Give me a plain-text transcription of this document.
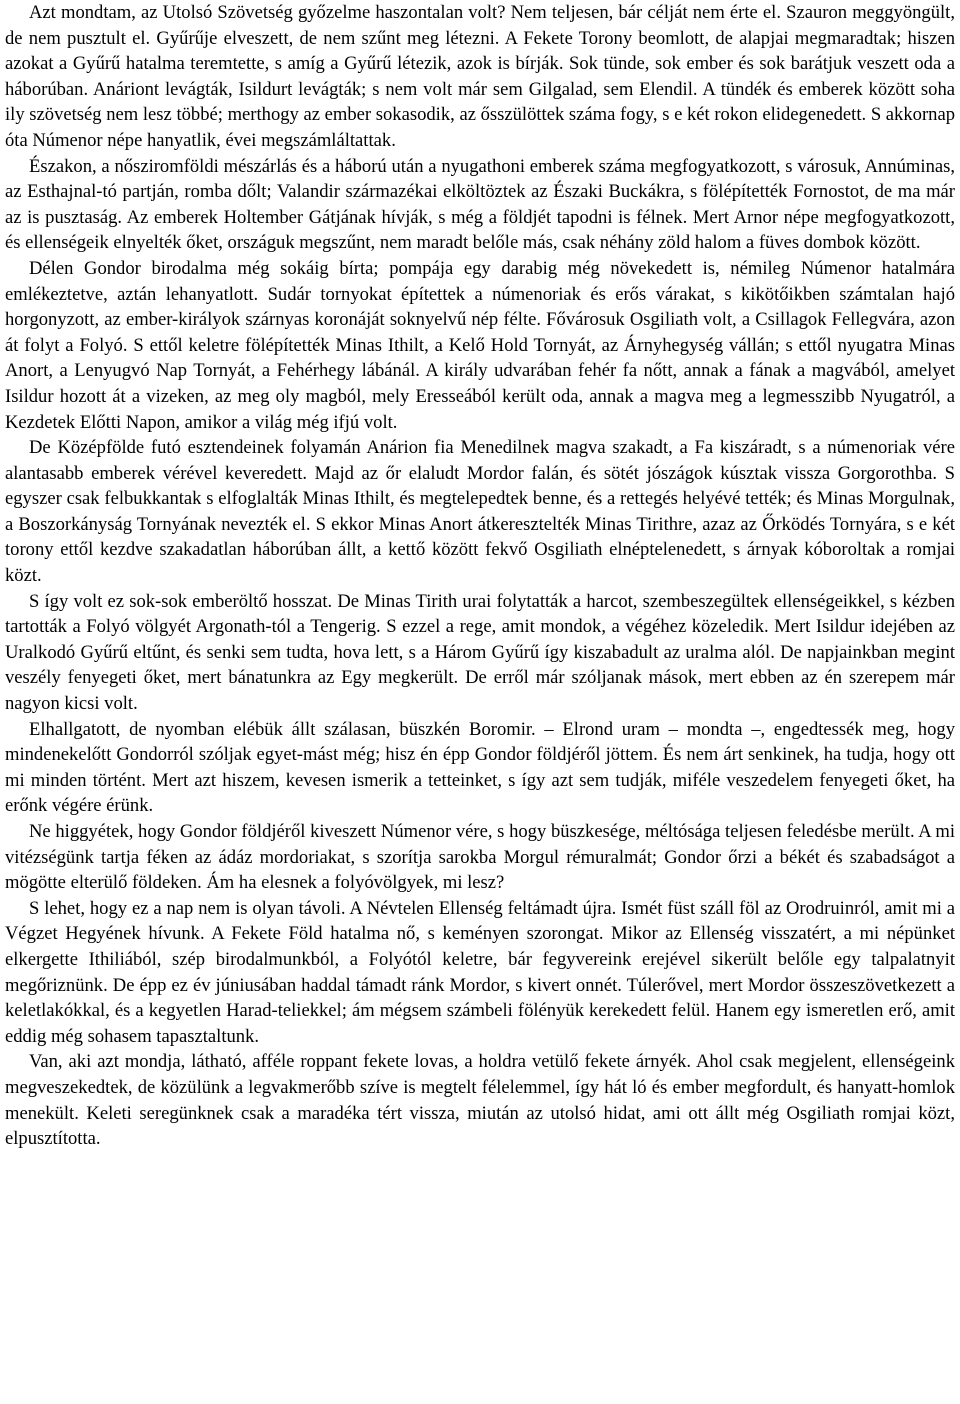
Azt mondtam, az Utolsó Szövetség győzelme haszontalan volt? Nem teljesen, bár célját nem érte el. Szauron meggyöngült, de nem pusztult el. Gyűrűje elveszett, de nem szűnt meg létezni. A Fekete Torony beomlott, de alapjai megmaradtak; hiszen azokat a Gyűrű hatalma teremtette, s amíg a Gyűrű létezik, azok is bírják. Sok tünde, sok ember és sok barátjuk veszett oda a háborúban. Anáriont levágták, Isildurt levágták; s nem volt már sem Gilgalad, sem Elendil. A tündék és emberek között soha ily szövetség nem lesz többé; merthogy az ember sokasodik, az ősszülöttek száma fogy, s e két rokon elidegenedett. S akkornap óta Númenor népe hanyatlik, évei megszámláltattak.

Északon, a nősziromföldi mészárlás és a háború után a nyugathoni emberek száma megfogyatkozott, s városuk, Annúminas, az Esthajnal-tó partján, romba dőlt; Valandir származékai elköltöztek az Északi Buckákra, s fölépítették Fornostot, de ma már az is pusztaság. Az emberek Holtember Gátjának hívják, s még a földjét tapodni is félnek. Mert Arnor népe megfogyatkozott, és ellenségeik elnyelték őket, országuk megszűnt, nem maradt belőle más, csak néhány zöld halom a füves dombok között.

Délen Gondor birodalma még sokáig bírta; pompája egy darabig még növekedett is, némileg Númenor hatalmára emlékeztetve, aztán lehanyatlott. Sudár tornyokat építettek a númenoriak és erős várakat, s kikötőikben számtalan hajó horgonyzott, az ember-királyok szárnyas koronáját soknyelvű nép félte. Fővárosuk Osgiliath volt, a Csillagok Fellegvára, azon át folyt a Folyó. S ettől keletre fölépítették Minas Ithilt, a Kelő Hold Tornyát, az Árnyhegység vállán; s ettől nyugatra Minas Anort, a Lenyugvó Nap Tornyát, a Fehérhegy lábánál. A király udvarában fehér fa nőtt, annak a fának a magvából, amelyet Isildur hozott át a vizeken, az meg oly magból, mely Eresseából került oda, annak a magva meg a legmesszibb Nyugatról, a Kezdetek Előtti Napon, amikor a világ még ifjú volt.

De Középfölde futó esztendeinek folyamán Anárion fia Menedilnek magva szakadt, a Fa kiszáradt, s a númenoriak vére alantasabb emberek vérével keveredett. Majd az őr elaludt Mordor falán, és sötét jószágok kúsztak vissza Gorgorothba. S egyszer csak felbukkantak s elfoglalták Minas Ithilt, és megtelepedtek benne, és a rettegés helyévé tették; és Minas Morgulnak, a Boszorkányság Tornyának nevezték el. S ekkor Minas Anort átkeresztelték Minas Tirithre, azaz az Őrködés Tornyára, s e két torony ettől kezdve szakadatlan háborúban állt, a kettő között fekvő Osgiliath elnéptelenedett, s árnyak kóboroltak a romjai közt.

S így volt ez sok-sok emberöltő hosszat. De Minas Tirith urai folytatták a harcot, szembeszegültek ellenségeikkel, s kézben tartották a Folyó völgyét Argonath-tól a Tengerig. S ezzel a rege, amit mondok, a végéhez közeledik. Mert Isildur idejében az Uralkodó Gyűrű eltűnt, és senki sem tudta, hova lett, s a Három Gyűrű így kiszabadult az uralma alól. De napjainkban megint veszély fenyegeti őket, mert bánatunkra az Egy megkerült. De erről már szóljanak mások, mert ebben az én szerepem már nagyon kicsi volt.

Elhallgatott, de nyomban elébük állt szálasan, büszkén Boromir. – Elrond uram – mondta –, engedtessék meg, hogy mindenekelőtt Gondorról szóljak egyet-mást még; hisz én épp Gondor földjéről jöttem. És nem árt senkinek, ha tudja, hogy ott mi minden történt. Mert azt hiszem, kevesen ismerik a tetteinket, s így azt sem tudják, miféle veszedelem fenyegeti őket, ha erőnk végére érünk.

Ne higgyétek, hogy Gondor földjéről kiveszett Númenor vére, s hogy büszkesége, méltósága teljesen feledésbe merült. A mi vitézségünk tartja féken az ádáz mordoriakat, s szorítja sarokba Morgul rémuralmát; Gondor őrzi a békét és szabadságot a mögötte elterülő földeken. Ám ha elesnek a folyóvölgyek, mi lesz?

S lehet, hogy ez a nap nem is olyan távoli. A Névtelen Ellenség feltámadt újra. Ismét füst száll föl az Orodruinról, amit mi a Végzet Hegyének hívunk. A Fekete Föld hatalma nő, s keményen szorongat. Mikor az Ellenség visszatért, a mi népünket elkergette Ithiliából, szép birodalmunkból, a Folyótól keletre, bár fegyvereink erejével sikerült belőle egy talpalatnyit megőriznünk. De épp ez év júniusában haddal támadt ránk Mordor, s kivert onnét. Túlerővel, mert Mordor összeszövetkezett a keletlakókkal, és a kegyetlen Harad-teliekkel; ám mégsem számbeli fölényük kerekedett felül. Hanem egy ismeretlen erő, amit eddig még sohasem tapasztaltunk.

Van, aki azt mondja, látható, afféle roppant fekete lovas, a holdra vetülő fekete árnyék. Ahol csak megjelent, ellenségeink megveszekedtek, de közülünk a legvakmerőbb szíve is megtelt félelemmel, így hát ló és ember megfordult, és hanyatt-homlok menekült. Keleti seregünknek csak a maradéka tért vissza, miután az utolsó hidat, ami ott állt még Osgiliath romjai közt, elpusztította.
